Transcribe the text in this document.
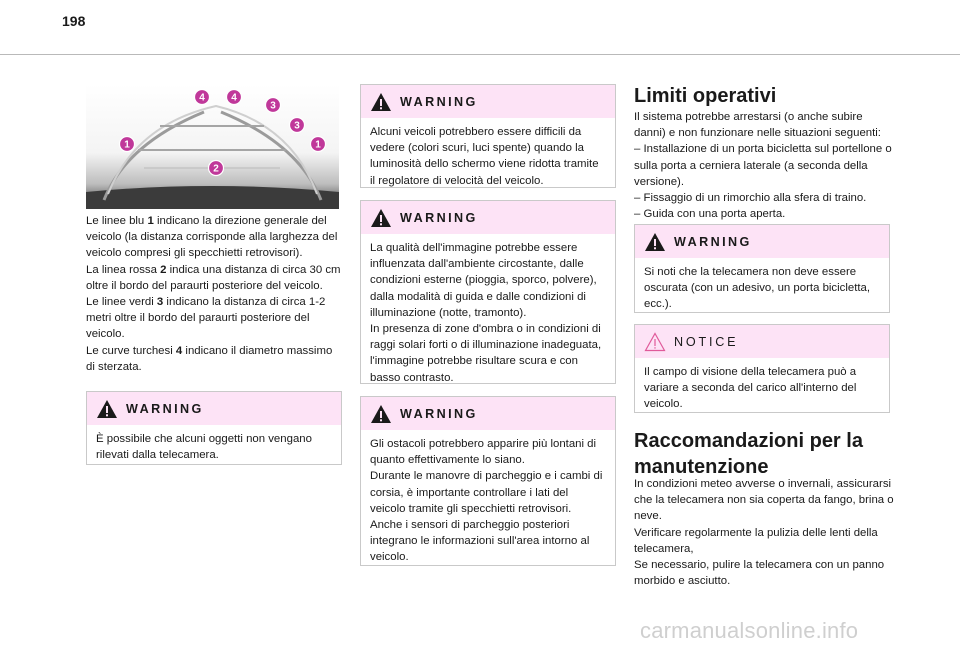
198
4	4
3
3
1	1
2

Le linee blu 1 indicano la direzione generale del veicolo (la distanza corrisponde alla larghezza del veicolo compresi gli specchietti retrovisori).

La linea rossa 2 indica una distanza di circa 30 cm oltre il bordo del paraurti posteriore del veicolo.

Le linee verdi 3 indicano la distanza di circa 1-2 metri oltre il bordo del paraurti posteriore del veicolo.

Le curve turchesi 4 indicano il diametro massimo di sterzata.

WARNING
È possibile che alcuni oggetti non vengano rilevati dalla telecamera.
WARNING
Alcuni veicoli potrebbero essere difficili da vedere (colori scuri, luci spente) quando la luminosità dello schermo viene ridotta tramite il regolatore di velocità del veicolo.
WARNING

La qualità dell'immagine potrebbe essere influenzata dall'ambiente circostante, dalle condizioni esterne (pioggia, sporco, polvere), dalla modalità di guida e dalle condizioni di illuminazione (notte, tramonto).

In presenza di zone d'ombra o in condizioni di raggi solari forti o di illuminazione inadeguata, l'immagine potrebbe risultare scura e con basso contrasto.

WARNING

Gli ostacoli potrebbero apparire più lontani di quanto effettivamente lo siano.

Durante le manovre di parcheggio e i cambi di corsia, è importante controllare i lati del veicolo tramite gli specchietti retrovisori.

Anche i sensori di parcheggio posteriori integrano le informazioni sull'area intorno al veicolo.

Limiti operativi

Il sistema potrebbe arrestarsi (o anche subire danni) e non funzionare nelle situazioni seguenti:

– Installazione di un porta bicicletta sul portellone o sulla porta a cerniera laterale (a seconda della versione).

– Fissaggio di un rimorchio alla sfera di traino.

– Guida con una porta aperta.

WARNING
Si noti che la telecamera non deve essere oscurata (con un adesivo, un porta bicicletta, ecc.).
NOTICE
Il campo di visione della telecamera può a variare a seconda del carico all'interno del veicolo.
Raccomandazioni per la
manutenzione

In condizioni meteo avverse o invernali, assicurarsi che la telecamera non sia coperta da fango, brina o neve.

Verificare regolarmente la pulizia delle lenti della telecamera,

Se necessario, pulire la telecamera con un panno morbido e asciutto.

carmanualsonline.info
